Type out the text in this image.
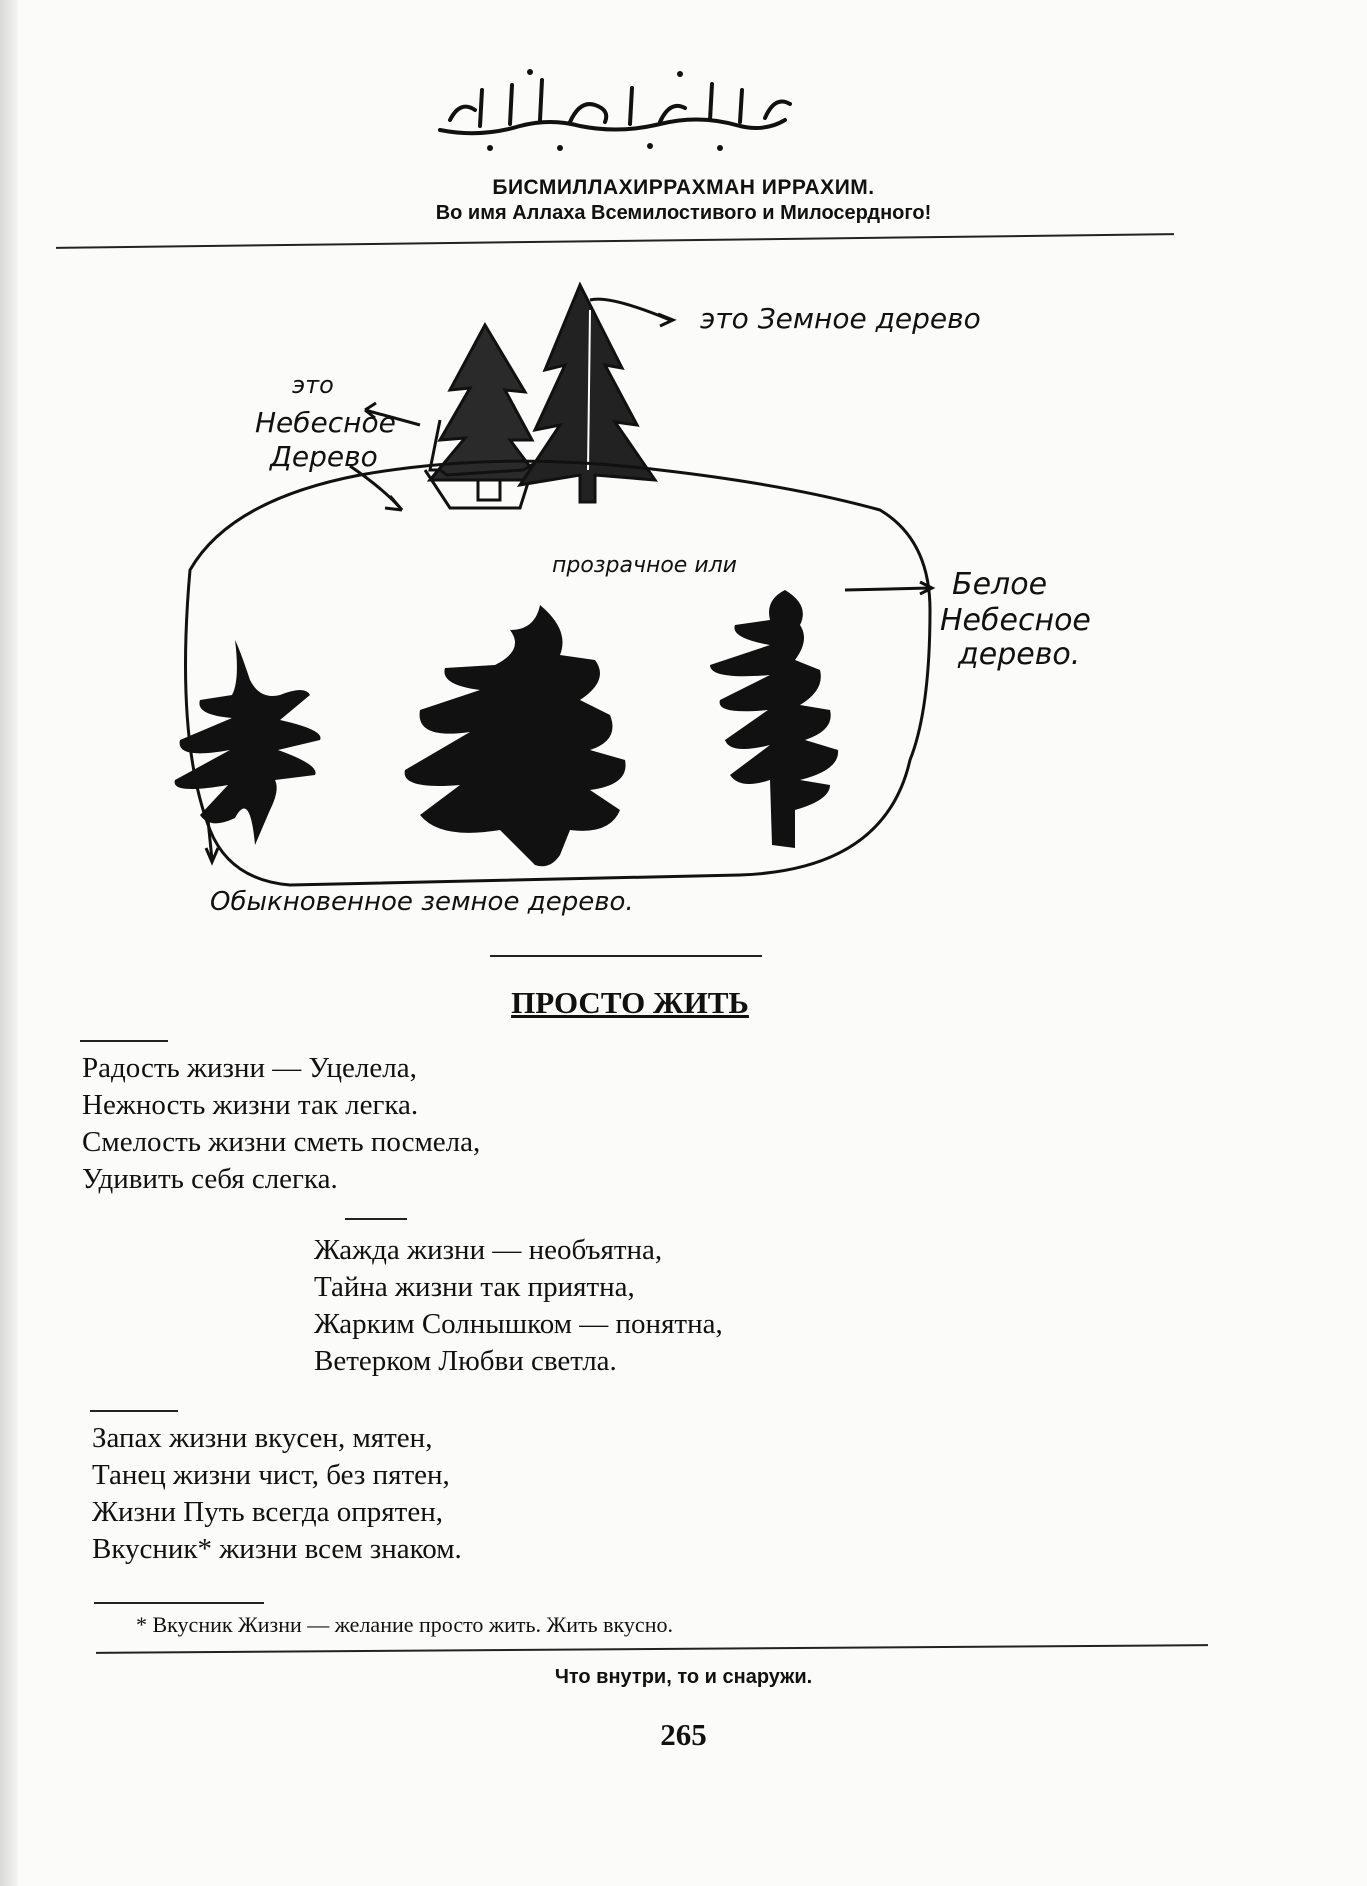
БИСМИЛЛАХИРРАХМАН ИРРАХИМ.
Во имя Аллаха Всемилостивого и Милосердного!
это Земное дерево
это
Небесное
Дерево
прозрачное или
Белое
Небесное
дерево.
Обыкновенное земное дерево.
ПРОСТО ЖИТЬ
Радость жизни — Уцелела,
Нежность жизни так легка.
Смелость жизни сметь посмела,
Удивить себя слегка.
Жажда жизни — необъятна,
Тайна жизни так приятна,
Жарким Солнышком — понятна,
Ветерком Любви светла.
Запах жизни вкусен, мятен,
Танец жизни чист, без пятен,
Жизни Путь всегда опрятен,
Вкусник* жизни всем знаком.
* Вкусник Жизни — желание просто жить. Жить вкусно.
Что внутри, то и снаружи.
265
